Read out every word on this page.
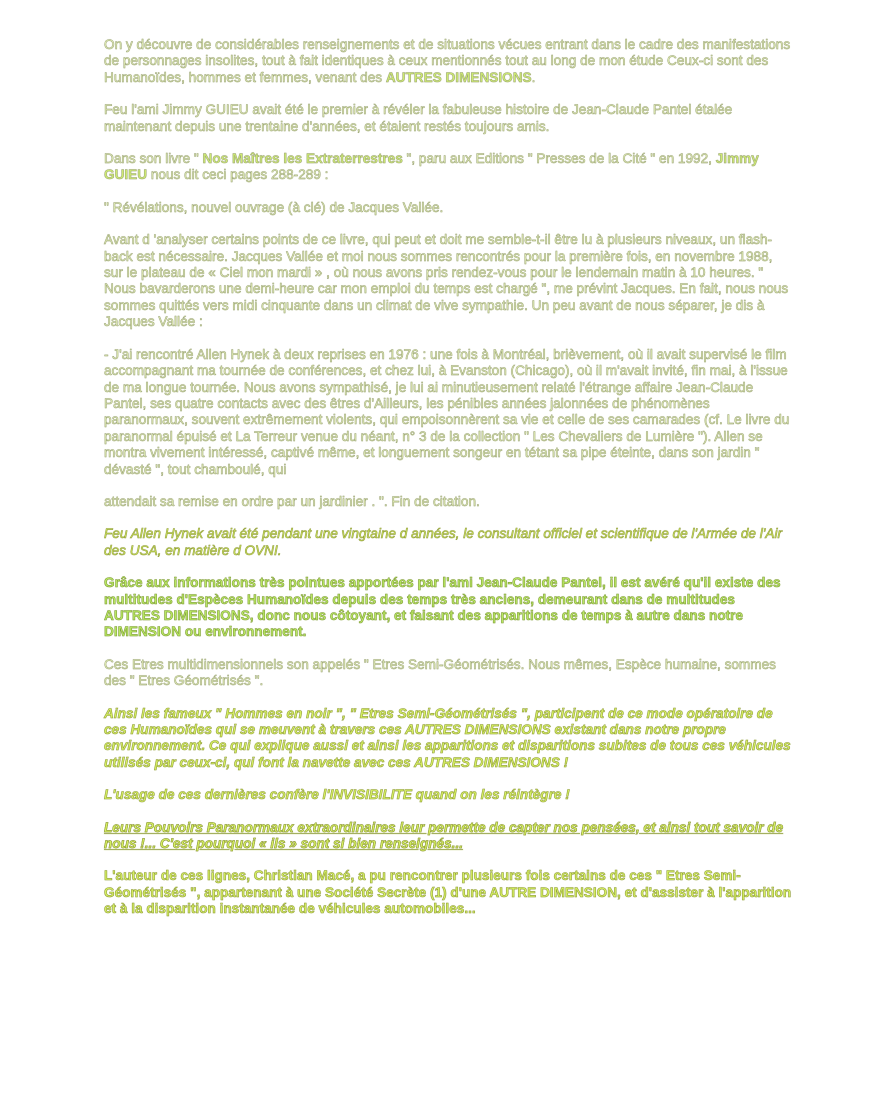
On y découvre de considérables renseignements et de situations vécues entrant dans le cadre des manifestations de personnages insolites, tout à fait identiques à ceux mentionnés tout au long de mon étude Ceux-ci sont des Humanoïdes, hommes et femmes, venant des AUTRES DIMENSIONS.

Feu l'ami Jimmy GUIEU avait été le premier à révéler la fabuleuse histoire de Jean-Claude Pantel étalée maintenant depuis une trentaine d'années, et étaient restés toujours amis.

Dans son livre " Nos Maîtres les Extraterrestres ", paru aux Editions " Presses de la Cité " en 1992, Jimmy GUIEU nous dit ceci pages 288-289 :

" Révélations, nouvel ouvrage (à clé) de Jacques Vallée.

Avant d 'analyser certains points de ce livre, qui peut et doit me semble-t-il être lu à plusieurs niveaux, un flash-back est nécessaire. Jacques Vallée et moi nous sommes rencontrés pour la première fois, en novembre 1988, sur le plateau de « Ciel mon mardi » , où nous avons pris rendez-vous pour le lendemain matin à 10 heures. " Nous bavarderons une demi-heure car mon emploi du temps est chargé ", me prévint Jacques. En fait, nous nous sommes quittés vers midi cinquante dans un climat de vive sympathie. Un peu avant de nous séparer, je dis à Jacques Vallée :

- J'ai rencontré Allen Hynek à deux reprises en 1976 : une fois à Montréal, brièvement, où il avait supervisé le film accompagnant ma tournée de conférences, et chez lui, à Evanston (Chicago), où il m'avait invité, fin mai, à l'issue de ma longue tournée. Nous avons sympathisé, je lui ai minutieusement relaté l'étrange affaire Jean-Claude Pantel, ses quatre contacts avec des êtres d'Ailleurs, les pénibles années jalonnées de phénomènes paranormaux, souvent extrêmement violents, qui empoisonnèrent sa vie et celle de ses camarades (cf. Le livre du paranormal épuisé et La Terreur venue du néant, n° 3 de la collection " Les Chevaliers de Lumière "). Allen se montra vivement intéressé, captivé même, et longuement songeur en tétant sa pipe éteinte, dans son jardin " dévasté ", tout chamboulé, qui

attendait sa remise en ordre par un jardinier . ". Fin de citation.

Feu Allen Hynek avait été pendant une vingtaine d années, le consultant officiel et scientifique de l'Armée de l'Air des USA, en matière d OVNI.

Grâce aux informations très pointues apportées par l'ami Jean-Claude Pantel, il est avéré qu'il existe des multitudes d'Espèces Humanoïdes depuis des temps très anciens, demeurant dans de multitudes AUTRES DIMENSIONS, donc nous côtoyant, et faisant des apparitions de temps à autre dans notre DIMENSION ou environnement.

Ces Etres multidimensionnels son appelés " Etres Semi-Géométrisés. Nous mêmes, Espèce humaine, sommes des " Etres Géométrisés ".

Ainsi les fameux " Hommes en noir ", " Etres Semi-Géométrisés ", participent de ce mode opératoire de ces Humanoïdes qui se meuvent à travers ces AUTRES DIMENSIONS existant dans notre propre environnement. Ce qui explique aussi et ainsi les apparitions et disparitions subites de tous ces véhicules utilisés par ceux-ci, qui font la navette avec ces AUTRES DIMENSIONS !

L'usage de ces dernières confère l'INVISIBILITE quand on les réintègre !

Leurs Pouvoirs Paranormaux extraordinaires leur permette de capter nos pensées, et ainsi tout savoir de nous !... C'est pourquoi « ils » sont si bien renseignés...

L'auteur de ces lignes, Christian Macé, a pu rencontrer plusieurs fois certains de ces " Etres Semi-Géométrisés ", appartenant à une Société Secrète (1) d'une AUTRE DIMENSION, et d'assister à l'apparition et à la disparition instantanée de véhicules automobiles...
